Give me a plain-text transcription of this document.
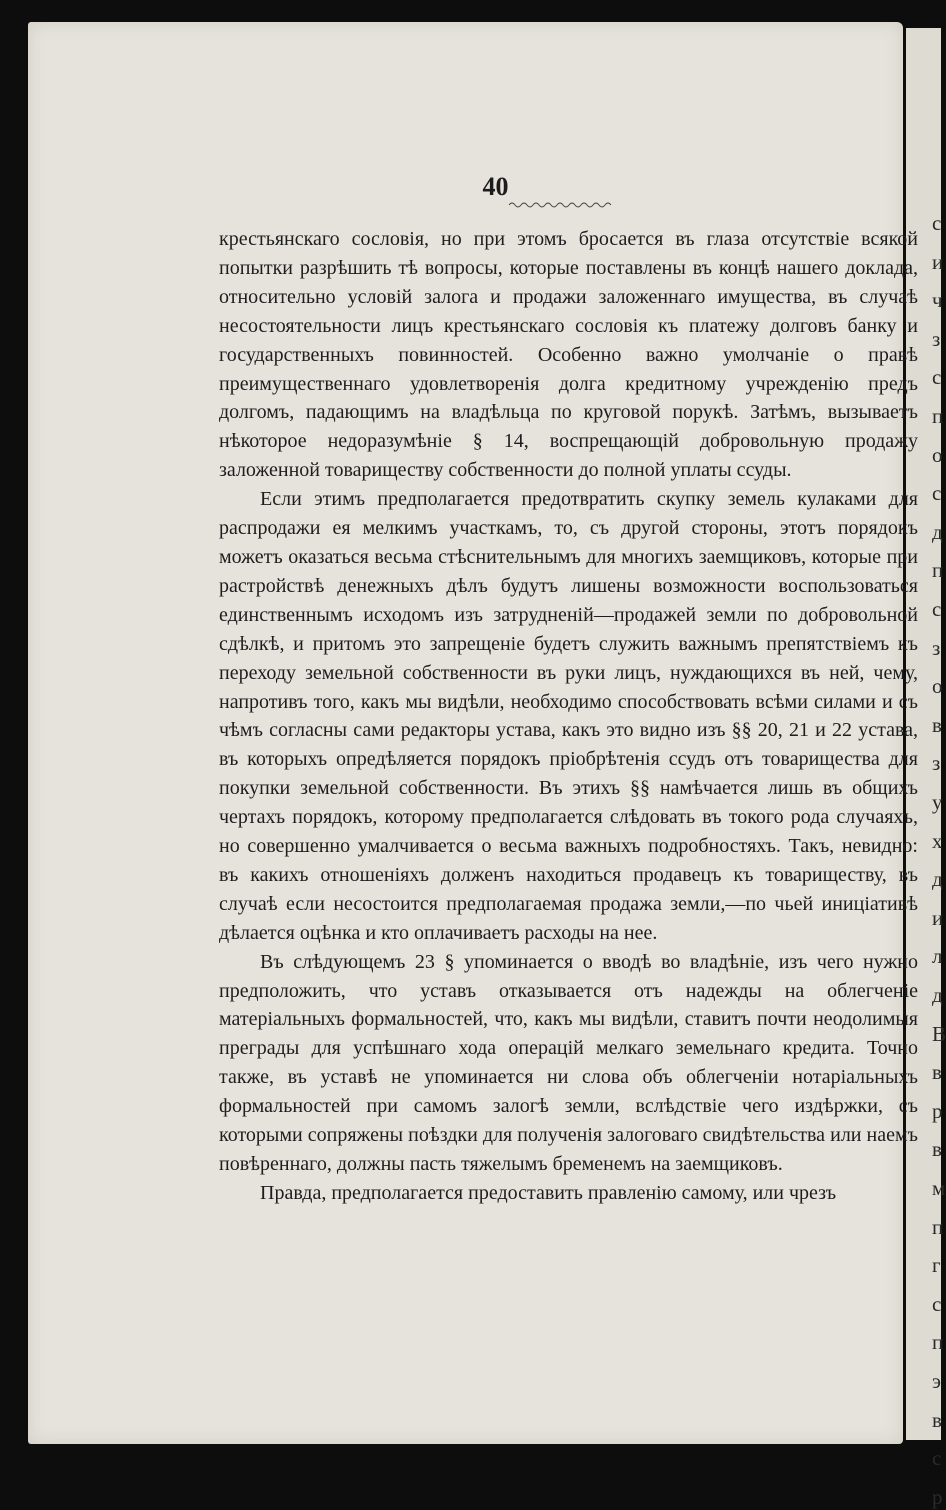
с
и
ч
з
с
п
о
с
д
п
с
з
о
в
з
у
х
д
и
л
д
В
в
р
в
м
п
г
с
п
э
в
с
р
40

крестьянскаго сословія, но при этомъ бросается въ глаза отсутствіе всякой попытки разрѣшить тѣ вопросы, которые поставлены въ концѣ нашего доклада, относительно условій залога и продажи заложеннаго имущества, въ случаѣ несостоятельности лицъ крестьянскаго сословія къ платежу долговъ банку и государственныхъ повинностей. Особенно важно умолчаніе о правѣ преимущественнаго удовлетворенія долга кредитному учрежденію предъ долгомъ, падающимъ на владѣльца по круговой порукѣ. Затѣмъ, вызываетъ нѣкоторое недоразумѣніе § 14, воспрещающій добровольную продажу заложенной товариществу собственности до полной уплаты ссуды.

Если этимъ предполагается предотвратить скупку земель кулаками для распродажи ея мелкимъ участкамъ, то, съ другой стороны, этотъ порядокъ можетъ оказаться весьма стѣснительнымъ для многихъ заемщиковъ, которые при растройствѣ денежныхъ дѣлъ будутъ лишены возможности воспользоваться единственнымъ исходомъ изъ затрудненій—продажей земли по добровольной сдѣлкѣ, и притомъ это запрещеніе будетъ служить важнымъ препятствіемъ къ переходу земельной собственности въ руки лицъ, нуждающихся въ ней, чему, напротивъ того, какъ мы видѣли, необходимо способствовать всѣми силами и съ чѣмъ согласны сами редакторы устава, какъ это видно изъ §§ 20, 21 и 22 устава, въ которыхъ опредѣляется порядокъ пріобрѣтенія ссудъ отъ товарищества для покупки земельной собственности. Въ этихъ §§ намѣчается лишь въ общихъ чертахъ порядокъ, которому предполагается слѣдовать въ токого рода случаяхъ, но совершенно умалчивается о весьма важныхъ подробностяхъ. Такъ, невидно: въ какихъ отношеніяхъ долженъ находиться продавецъ къ товариществу, въ случаѣ если несостоится предполагаемая продажа земли,—по чьей иниціативѣ дѣлается оцѣнка и кто оплачиваетъ расходы на нее.

Въ слѣдующемъ 23 § упоминается о вводѣ во владѣніе, изъ чего нужно предположить, что уставъ отказывается отъ надежды на облегченіе матеріальныхъ формальностей, что, какъ мы видѣли, ставитъ почти неодолимыя преграды для успѣшнаго хода операцій мелкаго земельнаго кредита. Точно также, въ уставѣ не упоминается ни слова объ облегченіи нотаріальныхъ формальностей при самомъ залогѣ земли, вслѣдствіе чего издѣржки, съ которыми сопряжены поѣздки для полученія залоговаго свидѣтельства или наемъ повѣреннаго, должны пасть тяжелымъ бременемъ на заемщиковъ.

Правда, предполагается предоставить правленію самому, или чрезъ
